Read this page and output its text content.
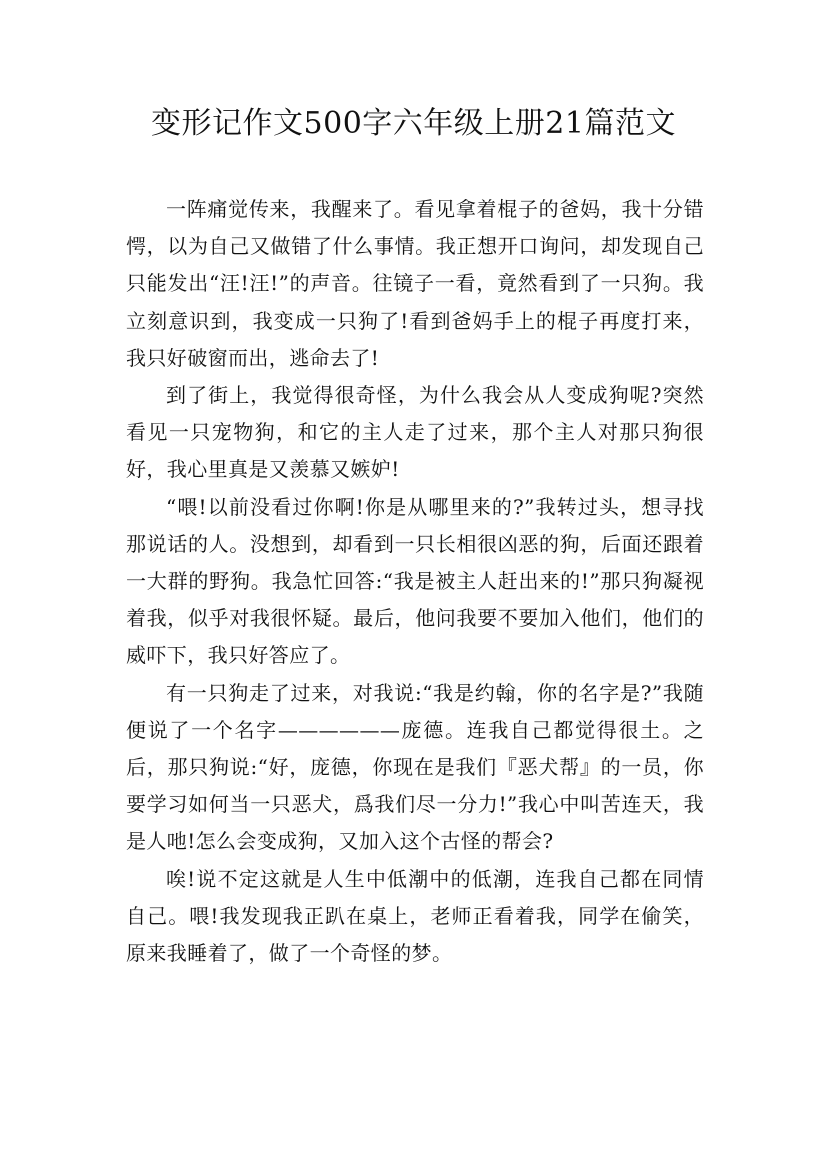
变形记作文500字六年级上册21篇范文

一阵痛觉传来，我醒来了。看见拿着棍子的爸妈，我十分错愕，以为自己又做错了什么事情。我正想开口询问，却发现自己只能发出“汪!汪!”的声音。往镜子一看，竟然看到了一只狗。我立刻意识到，我变成一只狗了!看到爸妈手上的棍子再度打来，我只好破窗而出，逃命去了!

到了街上，我觉得很奇怪，为什么我会从人变成狗呢?突然看见一只宠物狗，和它的主人走了过来，那个主人对那只狗很好，我心里真是又羡慕又嫉妒!

“喂!以前没看过你啊!你是从哪里来的?”我转过头，想寻找那说话的人。没想到，却看到一只长相很凶恶的狗，后面还跟着一大群的野狗。我急忙回答:“我是被主人赶出来的!”那只狗凝视着我，似乎对我很怀疑。最后，他问我要不要加入他们，他们的威吓下，我只好答应了。

有一只狗走了过来，对我说:“我是约翰，你的名字是?”我随便说了一个名字——————庞德。连我自己都觉得很土。之后，那只狗说:“好，庞德，你现在是我们『恶犬帮』的一员，你要学习如何当一只恶犬，爲我们尽一分力!”我心中叫苦连天，我是人吔!怎么会变成狗，又加入这个古怪的帮会?

唉!说不定这就是人生中低潮中的低潮，连我自己都在同情自己。喂!我发现我正趴在桌上，老师正看着我，同学在偷笑，原来我睡着了，做了一个奇怪的梦。
